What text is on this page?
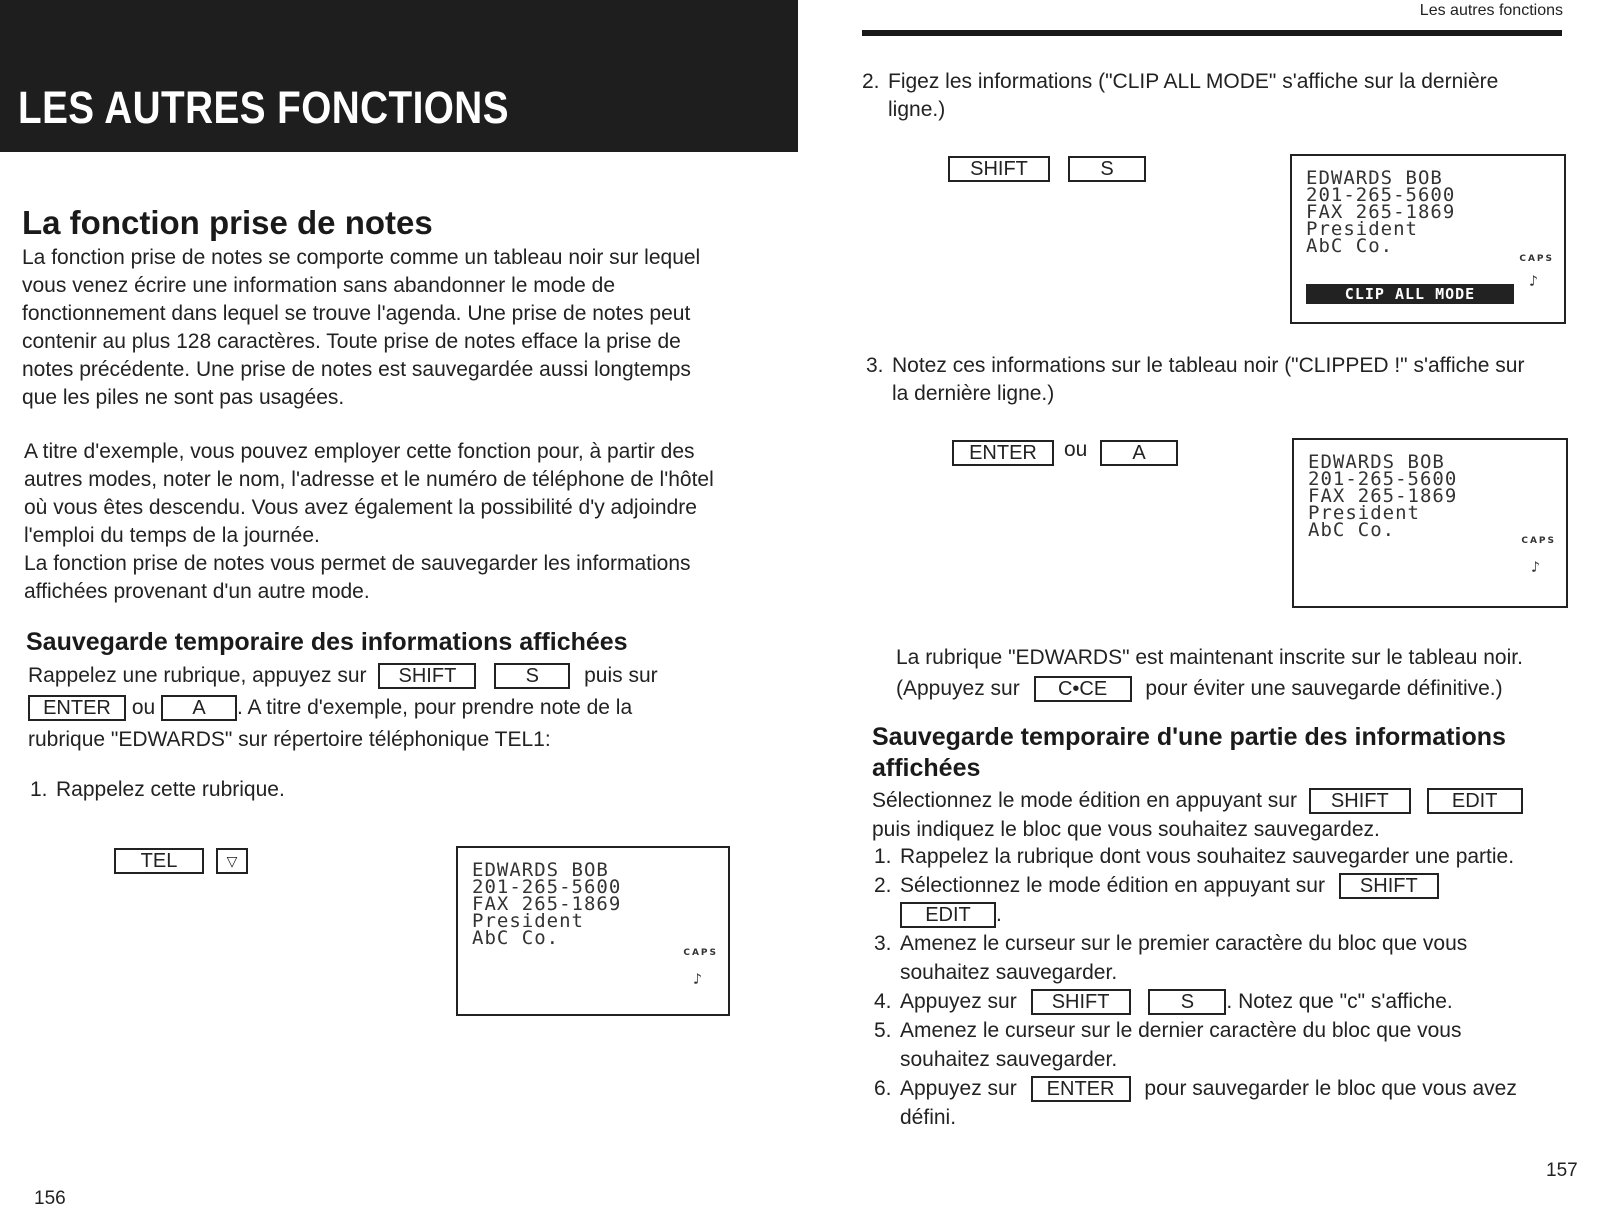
LES AUTRES FONCTIONS
La fonction prise de notes

La fonction prise de notes se comporte comme un tableau noir sur lequel vous venez écrire une information sans abandonner le mode de fonctionnement dans lequel se trouve l'agenda. Une prise de notes peut contenir au plus 128 caractères. Toute prise de notes efface la prise de notes précédente. Une prise de notes est sauvegardée aussi longtemps que les piles ne sont pas usagées.

A titre d'exemple, vous pouvez employer cette fonction pour, à partir des autres modes, noter le nom, l'adresse et le numéro de téléphone de l'hôtel où vous êtes descendu. Vous avez également la possibilité d'y adjoindre l'emploi du temps de la journée.

La fonction prise de notes vous permet de sauvegarder les informations affichées provenant d'un autre mode.

Sauvegarde temporaire des informations affichées
Rappelez une rubrique, appuyez sur SHIFT	S puis sur
ENTER ou A . A titre d'exemple, pour prendre note de la
rubrique "EDWARDS" sur répertoire téléphonique TEL1:
1. Rappelez cette rubrique.
TEL	▽	EDWARDS BOB
201-265-5600
FAX 265-1869
President
AbC Co.
CAPS
♪
156
Les autres fonctions
2. Figez les informations ("CLIP ALL MODE" s'affiche sur la dernière
ligne.)
SHIFT	S	EDWARDS BOB
201-265-5600
FAX 265-1869
President
AbC Co.
CAPS
♪
CLIP ALL MODE
3. Notez ces informations sur le tableau noir ("CLIPPED !" s'affiche sur
la dernière ligne.)
ENTER	ou	A	EDWARDS BOB
201-265-5600
FAX 265-1869
President
AbC Co.	CAPS
♪
La rubrique "EDWARDS" est maintenant inscrite sur le tableau noir.
(Appuyez sur C•CE pour éviter une sauvegarde définitive.)
Sauvegarde temporaire d'une partie des informations
affichées
Sélectionnez le mode édition en appuyant sur SHIFT	EDIT
puis indiquez le bloc que vous souhaitez sauvegardez.
1. Rappelez la rubrique dont vous souhaitez sauvegarder une partie.
2. Sélectionnez le mode édition en appuyant sur SHIFT
EDIT .
3. Amenez le curseur sur le premier caractère du bloc que vous
souhaitez sauvegarder.
4. Appuyez sur SHIFT	S . Notez que "c" s'affiche.
5. Amenez le curseur sur le dernier caractère du bloc que vous
souhaitez sauvegarder.
6. Appuyez sur ENTER pour sauvegarder le bloc que vous avez
défini.
157
